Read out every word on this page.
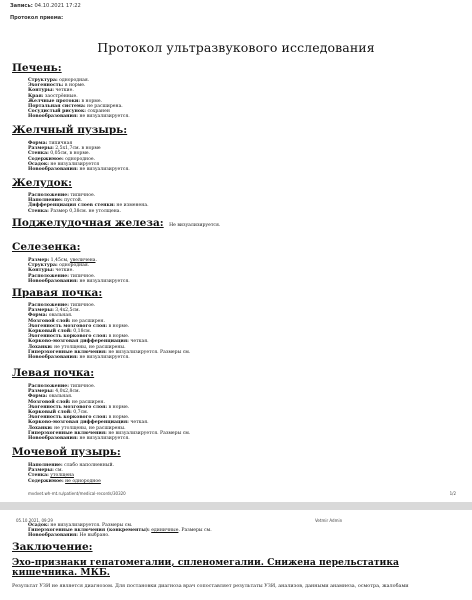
Запись: 04.10.2021 17:22
Протокол приема:
Протокол ультразвукового исследования
Печень:
Структура: однородная.
Эхогенность: в норме.
Контуры: четкие.
Края: заострённые.
Желчные протоки: в норме.
Портальная система: не расширена.
Сосудистый рисунок: сохранен
Новообразования: не визуализируется.
Желчный пузырь:
Форма: типичная
Размеры: 2,5х1,7см. в норме
Стенка: 0,05см, в норме.
Содержимое: однородное.
Осадок: не визуализируется
Новообразования: не визуализируется.
Желудок:
Расположение: типичное.
Наполнение: пустой.
Дифференциация слоев стенки: не изменена.
Стенка: Размер 0,38см. не утолщена.
Поджелудочная железа: Не визуализируется.
Селезенка:
Размер: 1,45см, увеличена.
Структура: однородная.
Контуры: четкие.
Расположение: типичное.
Новообразования: не визуализируется.
Правая почка:
Расположение: типичное.
Размеры: 3,4х2,5см.
Форма: овальная.
Мозговой слой: не расширен.
Эхогенность мозгового слоя: в норме.
Корковый слой: 0,18см.
Эхогенность коркового слоя: в норме.
Корково-мозговая дифференциация: четкая.
Лоханки: не утолщены, не расширены.
Гиперэхогенные включения: не визуализируется. Размеры см.
Новообразования: не визуализируется.
Левая почка:
Расположение: типичное.
Размеры: 4,0х2,8см.
Форма: овальная.
Мозговой слой: не расширен.
Эхогенность мозгового слоя: в норме.
Корковый слой: 0,7см.
Эхогенность коркового слоя: в норме.
Корково-мозговая дифференциация: четкая.
Лоханки: не утолщены, не расширены.
Гиперэхогенные включения: не визуализируется. Размеры см.
Новообразования: не визуализируется.
Мочевой пузырь:
Наполнение: слабо наполненный.
Размеры: см.
Стенка: утолщена
Содержимое: не однородное
mvdvet.wh-mt.ru/patient/medical-records/30320	1/2
05.10.2021, 09:29	Vetmir Admin
Осадок: не визуализируется. Размеры см.
Гиперэхогенные включения (конкременты): единичные. Размеры см.
Новообразования: Не выбрано.
Заключение:
Эхо-признаки гепатомегалии, спленомегалии. Снижена перельстатика кишечника. МКБ.
Результат УЗИ не является диагнозом. Для постановки диагноза врач сопоставляет результаты УЗИ, анализов, данными анамнеза, осмотра, жалобами
